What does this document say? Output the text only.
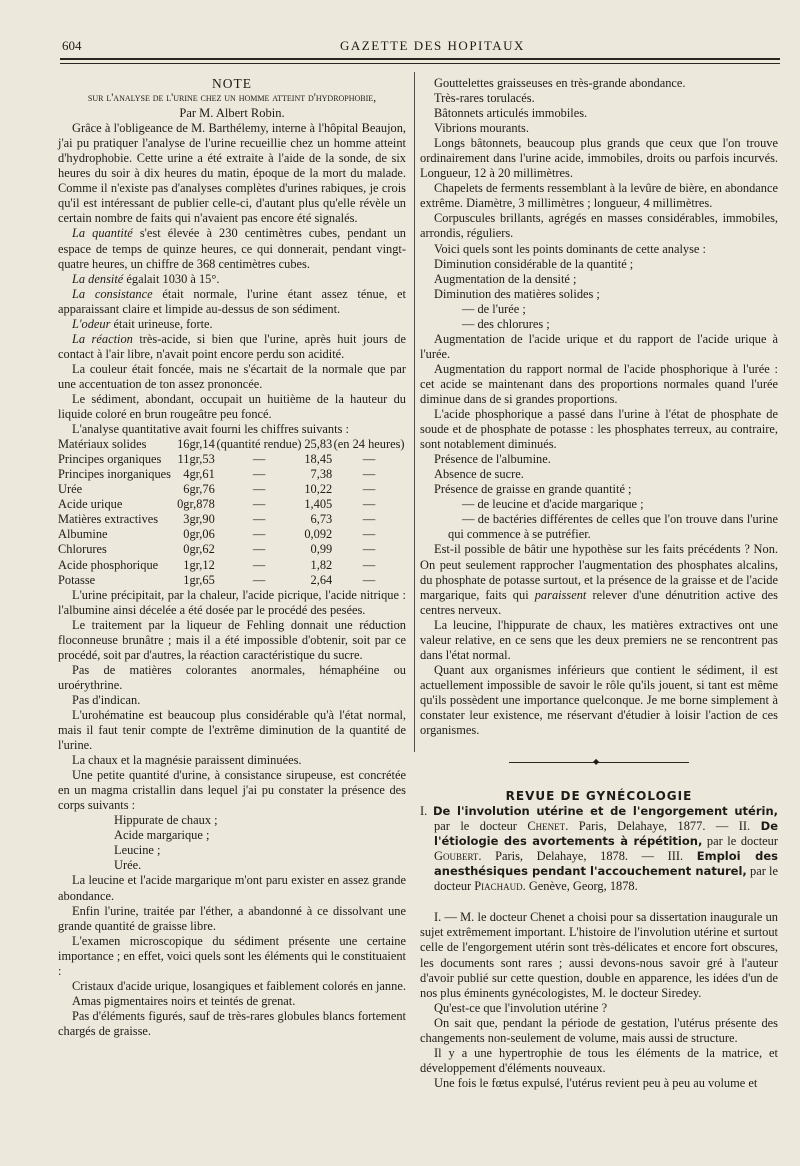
604	GAZETTE DES HOPITAUX

NOTE

sur l'analyse de l'urine chez un homme atteint d'hydrophobie,

Par M. Albert Robin.

Grâce à l'obligeance de M. Barthélemy, interne à l'hôpital Beaujon, j'ai pu pratiquer l'analyse de l'urine recueillie chez un homme atteint d'hydrophobie. Cette urine a été extraite à l'aide de la sonde, de six heures du soir à dix heures du matin, époque de la mort du malade. Comme il n'existe pas d'analyses complètes d'urines rabiques, je crois qu'il est intéressant de publier celle-ci, d'autant plus qu'elle révèle un certain nombre de faits qui n'avaient pas encore été signalés.

La quantité s'est élevée à 230 centimètres cubes, pendant un espace de temps de quinze heures, ce qui donnerait, pendant vingt-quatre heures, un chiffre de 368 centimètres cubes.

La densité égalait 1030 à 15°.

La consistance était normale, l'urine étant assez ténue, et apparaissant claire et limpide au-dessus de son sédiment.

L'odeur était urineuse, forte.

La réaction très-acide, si bien que l'urine, après huit jours de contact à l'air libre, n'avait point encore perdu son acidité.

La couleur était foncée, mais ne s'écartait de la normale que par une accentuation de ton assez prononcée.

Le sédiment, abondant, occupait un huitième de la hauteur du liquide coloré en brun rougeâtre peu foncé.

L'analyse quantitative avait fourni les chiffres suivants :

Matériaux solides	16gr,14	(quantité rendue)	25,83	(en 24 heures)
Principes organiques	11gr,53	—	18,45	—
Principes inorganiques	4gr,61	—	7,38	—
Urée	6gr,76	—	10,22	—
Acide urique	0gr,878	—	1,405	—
Matières extractives	3gr,90	—	6,73	—
Albumine	0gr,06	—	0,092	—
Chlorures	0gr,62	—	0,99	—
Acide phosphorique	1gr,12	—	1,82	—
Potasse	1gr,65	—	2,64	—

L'urine précipitait, par la chaleur, l'acide picrique, l'acide nitrique : l'albumine ainsi décelée a été dosée par le procédé des pesées.

Le traitement par la liqueur de Fehling donnait une réduction floconneuse brunâtre ; mais il a été impossible d'obtenir, soit par ce procédé, soit par d'autres, la réaction caractéristique du sucre.

Pas de matières colorantes anormales, hémaphéine ou uroérythrine.

Pas d'indican.

L'urohématine est beaucoup plus considérable qu'à l'état normal, mais il faut tenir compte de l'extrême diminution de la quantité de l'urine.

La chaux et la magnésie paraissent diminuées.

Une petite quantité d'urine, à consistance sirupeuse, est concrétée en un magma cristallin dans lequel j'ai pu constater la présence des corps suivants :

Hippurate de chaux ;
Acide margarique ;
Leucine ;
Urée.

La leucine et l'acide margarique m'ont paru exister en assez grande abondance.

Enfin l'urine, traitée par l'éther, a abandonné à ce dissolvant une grande quantité de graisse libre.

L'examen microscopique du sédiment présente une certaine importance ; en effet, voici quels sont les éléments qui le constituaient :

Cristaux d'acide urique, losangiques et faiblement colorés en janne.

Amas pigmentaires noirs et teintés de grenat.

Pas d'éléments figurés, sauf de très-rares globules blancs fortement chargés de graisse.

Gouttelettes graisseuses en très-grande abondance.

Très-rares torulacés.

Bâtonnets articulés immobiles.

Vibrions mourants.

Longs bâtonnets, beaucoup plus grands que ceux que l'on trouve ordinairement dans l'urine acide, immobiles, droits ou parfois incurvés. Longueur, 12 à 20 millimètres.

Chapelets de ferments ressemblant à la levûre de bière, en abondance extrême. Diamètre, 3 millimètres ; longueur, 4 millimètres.

Corpuscules brillants, agrégés en masses considérables, immobiles, arrondis, réguliers.

Voici quels sont les points dominants de cette analyse :

Diminution considérable de la quantité ;

Augmentation de la densité ;

Diminution des matières solides ;

— de l'urée ;

— des chlorures ;

Augmentation de l'acide urique et du rapport de l'acide urique à l'urée.

Augmentation du rapport normal de l'acide phosphorique à l'urée : cet acide se maintenant dans des proportions normales quand l'urée diminue dans de si grandes proportions.

L'acide phosphorique a passé dans l'urine à l'état de phosphate de soude et de phosphate de potasse : les phosphates terreux, au contraire, sont notablement diminués.

Présence de l'albumine.

Absence de sucre.

Présence de graisse en grande quantité ;

— de leucine et d'acide margarique ;

— de bactéries différentes de celles que l'on trouve dans l'urine qui commence à se putréfier.

Est-il possible de bâtir une hypothèse sur les faits précédents ? Non. On peut seulement rapprocher l'augmentation des phosphates alcalins, du phosphate de potasse surtout, et la présence de la graisse et de l'acide margarique, faits qui paraissent relever d'une dénutrition active des centres nerveux.

La leucine, l'hippurate de chaux, les matières extractives ont une valeur relative, en ce sens que les deux premiers ne se rencontrent pas dans l'état normal.

Quant aux organismes inférieurs que contient le sédiment, il est actuellement impossible de savoir le rôle qu'ils jouent, si tant est même qu'ils possèdent une importance quelconque. Je me borne simplement à constater leur existence, me réservant d'étudier à loisir l'action de ces organismes.

◆

REVUE DE GYNÉCOLOGIE

I. De l'involution utérine et de l'engorgement utérin, par le docteur Chenet. Paris, Delahaye, 1877. — II. De l'étiologie des avortements à répétition, par le docteur Goubert. Paris, Delahaye, 1878. — III. Emploi des anesthésiques pendant l'accouchement naturel, par le docteur Piachaud. Genève, Georg, 1878.

I. — M. le docteur Chenet a choisi pour sa dissertation inaugurale un sujet extrêmement important. L'histoire de l'involution utérine et surtout celle de l'engorgement utérin sont très-délicates et encore fort obscures, les documents sont rares ; aussi devons-nous savoir gré à l'auteur d'avoir publié sur cette question, double en apparence, les idées d'un de nos plus éminents gynécologistes, M. le docteur Siredey.

Qu'est-ce que l'involution utérine ?

On sait que, pendant la période de gestation, l'utérus présente des changements non-seulement de volume, mais aussi de structure.

Il y a une hypertrophie de tous les éléments de la matrice, et développement d'éléments nouveaux.

Une fois le fœtus expulsé, l'utérus revient peu à peu au volume et
